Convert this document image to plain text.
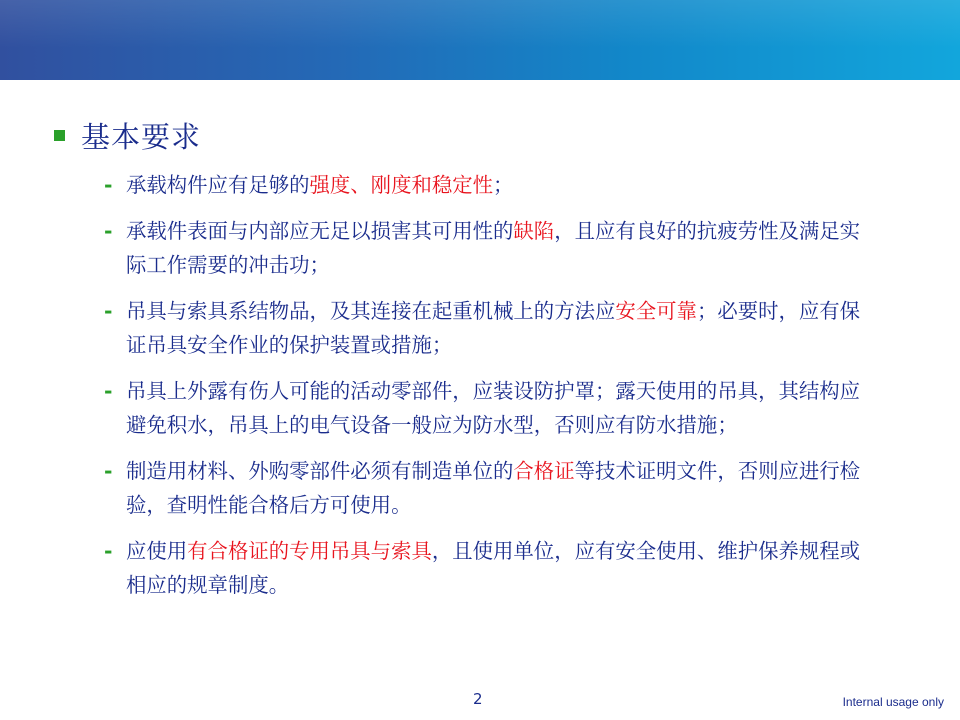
基本要求
- 承载构件应有足够的强度、刚度和稳定性；
- 承载件表面与内部应无足以损害其可用性的缺陷，且应有良好的抗疲劳性及满足实际工作需要的冲击功；
- 吊具与索具系结物品，及其连接在起重机械上的方法应安全可靠；必要时，应有保证吊具安全作业的保护装置或措施；
- 吊具上外露有伤人可能的活动零部件，应装设防护罩；露天使用的吊具，其结构应避免积水，吊具上的电气设备一般应为防水型，否则应有防水措施；
- 制造用材料、外购零部件必须有制造单位的合格证等技术证明文件，否则应进行检验，查明性能合格后方可使用。
- 应使用有合格证的专用吊具与索具，且使用单位，应有安全使用、维护保养规程或相应的规章制度。
2	Internal usage only
